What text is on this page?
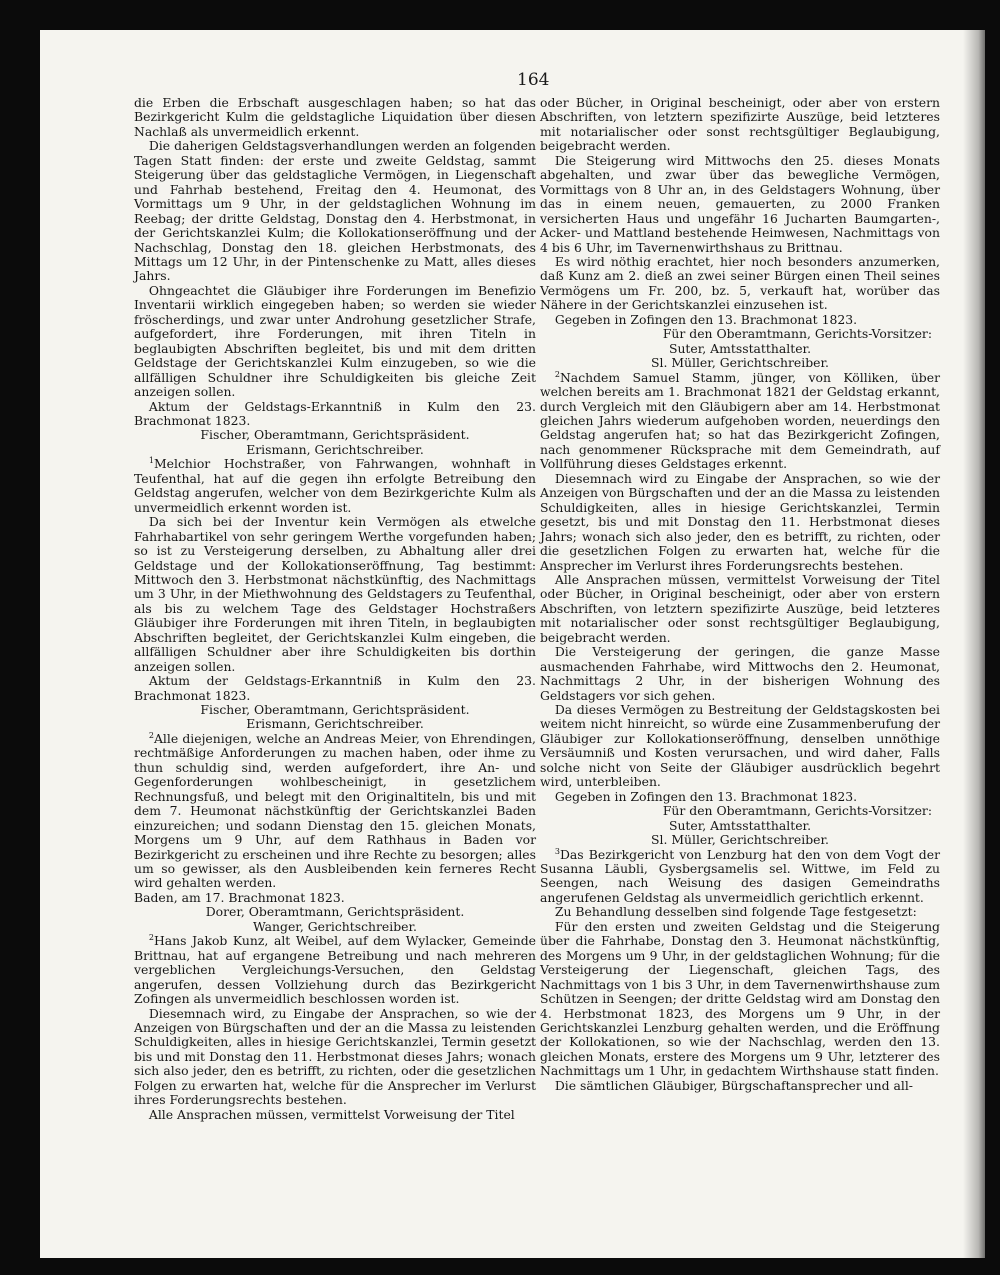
164

die Erben die Erbschaft ausgeschlagen haben; so hat das Bezirkgericht Kulm die geldstagliche Liquidation über diesen Nachlaß als unvermeidlich erkennt.

Die daherigen Geldstagsverhandlungen werden an folgenden Tagen Statt finden: der erste und zweite Geldstag, sammt Steigerung über das geldstagliche Vermögen, in Liegenschaft und Fahrhab bestehend, Freitag den 4. Heumonat, des Vormittags um 9 Uhr, in der geldstaglichen Wohnung im Reebag; der dritte Geldstag, Donstag den 4. Herbstmonat, in der Gerichtskanzlei Kulm; die Kollokationseröffnung und der Nachschlag, Donstag den 18. gleichen Herbstmonats, des Mittags um 12 Uhr, in der Pintenschenke zu Matt, alles dieses Jahrs.

Ohngeachtet die Gläubiger ihre Forderungen im Benefizio Inventarii wirklich eingegeben haben; so werden sie wieder fröscherdings, und zwar unter Androhung gesetzlicher Strafe, aufgefordert, ihre Forderungen, mit ihren Titeln in beglaubigten Abschriften begleitet, bis und mit dem dritten Geldstage der Gerichtskanzlei Kulm einzugeben, so wie die allfälligen Schuldner ihre Schuldigkeiten bis gleiche Zeit anzeigen sollen.

Aktum der Geldstags-Erkanntniß in Kulm den 23. Brachmonat 1823.

Fischer, Oberamtmann, Gerichtspräsident.

Erismann, Gerichtschreiber.

$^1$Melchior Hochstraßer, von Fahrwangen, wohnhaft in Teufenthal, hat auf die gegen ihn erfolgte Betreibung den Geldstag angerufen, welcher von dem Bezirkgerichte Kulm als unvermeidlich erkennt worden ist.

Da sich bei der Inventur kein Vermögen als etwelche Fahrhabartikel von sehr geringem Werthe vorgefunden haben; so ist zu Versteigerung derselben, zu Abhaltung aller drei Geldstage und der Kollokationseröffnung, Tag bestimmt: Mittwoch den 3. Herbstmonat nächstkünftig, des Nachmittags um 3 Uhr, in der Miethwohnung des Geldstagers zu Teufenthal, als bis zu welchem Tage des Geldstager Hochstraßers Gläubiger ihre Forderungen mit ihren Titeln, in beglaubigten Abschriften begleitet, der Gerichtskanzlei Kulm eingeben, die allfälligen Schuldner aber ihre Schuldigkeiten bis dorthin anzeigen sollen.

Aktum der Geldstags-Erkanntniß in Kulm den 23. Brachmonat 1823.

Fischer, Oberamtmann, Gerichtspräsident.

Erismann, Gerichtschreiber.

$^2$Alle diejenigen, welche an Andreas Meier, von Ehrendingen, rechtmäßige Anforderungen zu machen haben, oder ihme zu thun schuldig sind, werden aufgefordert, ihre An- und Gegenforderungen wohlbescheinigt, in gesetzlichem Rechnungsfuß, und belegt mit den Originaltiteln, bis und mit dem 7. Heumonat nächstkünftig der Gerichtskanzlei Baden einzureichen; und sodann Dienstag den 15. gleichen Monats, Morgens um 9 Uhr, auf dem Rathhaus in Baden vor Bezirkgericht zu erscheinen und ihre Rechte zu besorgen; alles um so gewisser, als den Ausbleibenden kein ferneres Recht wird gehalten werden.

Baden, am 17. Brachmonat 1823.

Dorer, Oberamtmann, Gerichtspräsident.

Wanger, Gerichtschreiber.

$^2$Hans Jakob Kunz, alt Weibel, auf dem Wylacker, Gemeinde Brittnau, hat auf ergangene Betreibung und nach mehreren vergeblichen Vergleichungs-Versuchen, den Geldstag angerufen, dessen Vollziehung durch das Bezirkgericht Zofingen als unvermeidlich beschlossen worden ist.

Diesemnach wird, zu Eingabe der Ansprachen, so wie der Anzeigen von Bürgschaften und der an die Massa zu leistenden Schuldigkeiten, alles in hiesige Gerichtskanzlei, Termin gesetzt bis und mit Donstag den 11. Herbstmonat dieses Jahrs; wonach sich also jeder, den es betrifft, zu richten, oder die gesetzlichen Folgen zu erwarten hat, welche für die Ansprecher im Verlurst ihres Forderungsrechts bestehen.

Alle Ansprachen müssen, vermittelst Vorweisung der Titel

oder Bücher, in Original bescheinigt, oder aber von erstern Abschriften, von letztern spezifizirte Auszüge, beid letzteres mit notarialischer oder sonst rechtsgültiger Beglaubigung, beigebracht werden.

Die Steigerung wird Mittwochs den 25. dieses Monats abgehalten, und zwar über das bewegliche Vermögen, Vormittags von 8 Uhr an, in des Geldstagers Wohnung, über das in einem neuen, gemauerten, zu 2000 Franken versicherten Haus und ungefähr 16 Jucharten Baumgarten-, Acker- und Mattland bestehende Heimwesen, Nachmittags von 4 bis 6 Uhr, im Tavernenwirthshaus zu Brittnau.

Es wird nöthig erachtet, hier noch besonders anzumerken, daß Kunz am 2. dieß an zwei seiner Bürgen einen Theil seines Vermögens um Fr. 200, bz. 5, verkauft hat, worüber das Nähere in der Gerichtskanzlei einzusehen ist.

Gegeben in Zofingen den 13. Brachmonat 1823.

Für den Oberamtmann, Gerichts-Vorsitzer:

Suter, Amtsstatthalter.

Sl. Müller, Gerichtschreiber.

$^2$Nachdem Samuel Stamm, jünger, von Kölliken, über welchen bereits am 1. Brachmonat 1821 der Geldstag erkannt, durch Vergleich mit den Gläubigern aber am 14. Herbstmonat gleichen Jahrs wiederum aufgehoben worden, neuerdings den Geldstag angerufen hat; so hat das Bezirkgericht Zofingen, nach genommener Rücksprache mit dem Gemeindrath, auf Vollführung dieses Geldstages erkennt.

Diesemnach wird zu Eingabe der Ansprachen, so wie der Anzeigen von Bürgschaften und der an die Massa zu leistenden Schuldigkeiten, alles in hiesige Gerichtskanzlei, Termin gesetzt, bis und mit Donstag den 11. Herbstmonat dieses Jahrs; wonach sich also jeder, den es betrifft, zu richten, oder die gesetzlichen Folgen zu erwarten hat, welche für die Ansprecher im Verlurst ihres Forderungsrechts bestehen.

Alle Ansprachen müssen, vermittelst Vorweisung der Titel oder Bücher, in Original bescheinigt, oder aber von erstern Abschriften, von letztern spezifizirte Auszüge, beid letzteres mit notarialischer oder sonst rechtsgültiger Beglaubigung, beigebracht werden.

Die Versteigerung der geringen, die ganze Masse ausmachenden Fahrhabe, wird Mittwochs den 2. Heumonat, Nachmittags 2 Uhr, in der bisherigen Wohnung des Geldstagers vor sich gehen.

Da dieses Vermögen zu Bestreitung der Geldstagskosten bei weitem nicht hinreicht, so würde eine Zusammenberufung der Gläubiger zur Kollokationseröffnung, denselben unnöthige Versäumniß und Kosten verursachen, und wird daher, Falls solche nicht von Seite der Gläubiger ausdrücklich begehrt wird, unterbleiben.

Gegeben in Zofingen den 13. Brachmonat 1823.

Für den Oberamtmann, Gerichts-Vorsitzer:

Suter, Amtsstatthalter.

Sl. Müller, Gerichtschreiber.

$^3$Das Bezirkgericht von Lenzburg hat den von dem Vogt der Susanna Läubli, Gysbergsamelis sel. Wittwe, im Feld zu Seengen, nach Weisung des dasigen Gemeindraths angerufenen Geldstag als unvermeidlich gerichtlich erkennt.

Zu Behandlung desselben sind folgende Tage festgesetzt:

Für den ersten und zweiten Geldstag und die Steigerung über die Fahrhabe, Donstag den 3. Heumonat nächstkünftig, des Morgens um 9 Uhr, in der geldstaglichen Wohnung; für die Versteigerung der Liegenschaft, gleichen Tags, des Nachmittags von 1 bis 3 Uhr, in dem Tavernenwirthshause zum Schützen in Seengen; der dritte Geldstag wird am Donstag den 4. Herbstmonat 1823, des Morgens um 9 Uhr, in der Gerichtskanzlei Lenzburg gehalten werden, und die Eröffnung der Kollokationen, so wie der Nachschlag, werden den 13. gleichen Monats, erstere des Morgens um 9 Uhr, letzterer des Nachmittags um 1 Uhr, in gedachtem Wirthshause statt finden.

Die sämtlichen Gläubiger, Bürgschaftansprecher und all-
